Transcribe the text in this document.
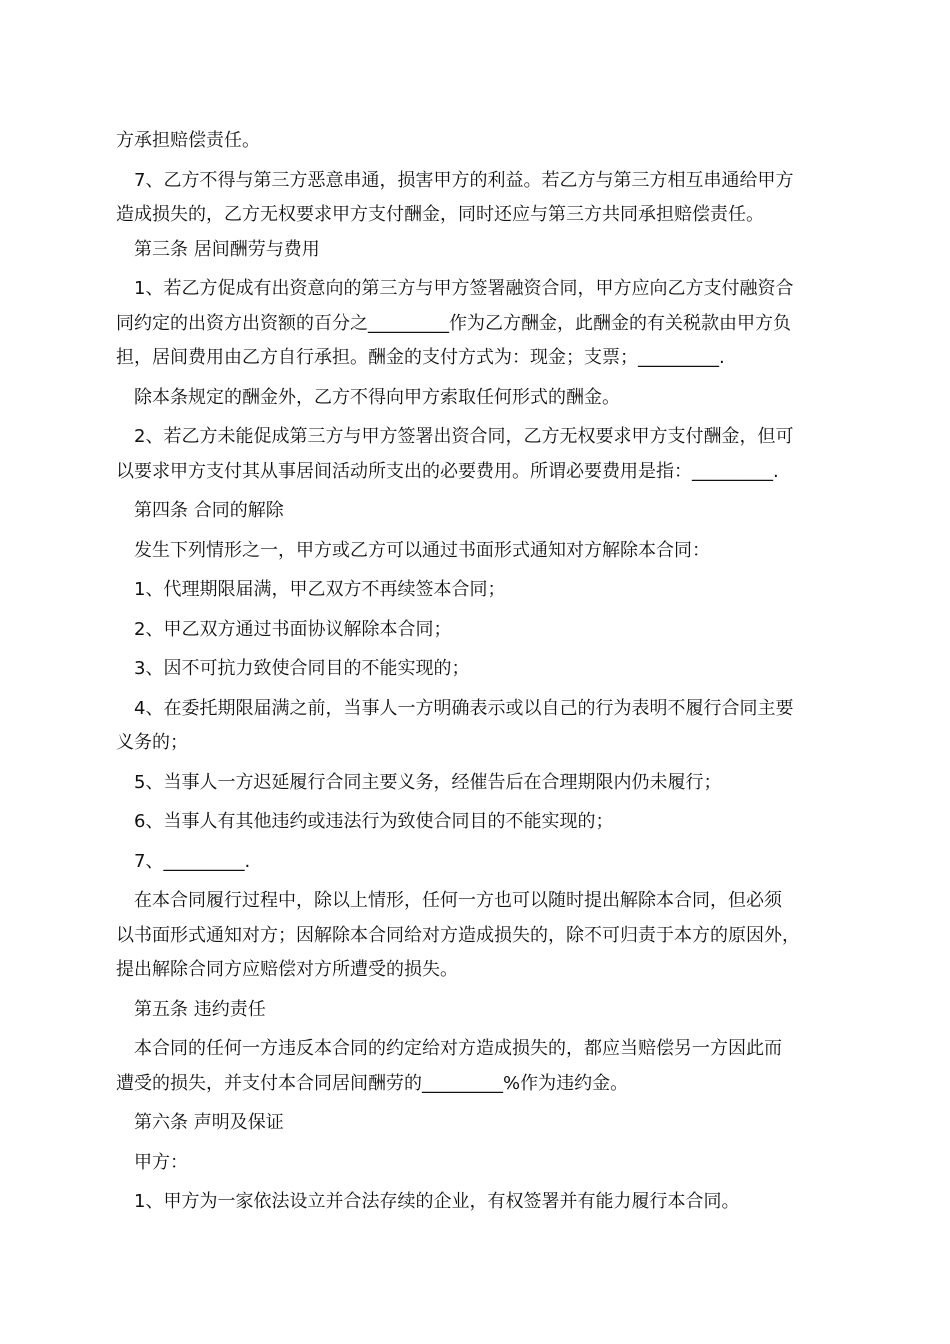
方承担赔偿责任。
7、乙方不得与第三方恶意串通，损害甲方的利益。若乙方与第三方相互串通给甲方
造成损失的，乙方无权要求甲方支付酬金，同时还应与第三方共同承担赔偿责任。
第三条 居间酬劳与费用
1、若乙方促成有出资意向的第三方与甲方签署融资合同，甲方应向乙方支付融资合
同约定的出资方出资额的百分之_________作为乙方酬金，此酬金的有关税款由甲方负
担，居间费用由乙方自行承担。酬金的支付方式为：现金；支票；_________.
除本条规定的酬金外，乙方不得向甲方索取任何形式的酬金。
2、若乙方未能促成第三方与甲方签署出资合同，乙方无权要求甲方支付酬金，但可
以要求甲方支付其从事居间活动所支出的必要费用。所谓必要费用是指：_________.
第四条 合同的解除
发生下列情形之一，甲方或乙方可以通过书面形式通知对方解除本合同：
1、代理期限届满，甲乙双方不再续签本合同；
2、甲乙双方通过书面协议解除本合同；
3、因不可抗力致使合同目的不能实现的；
4、在委托期限届满之前，当事人一方明确表示或以自己的行为表明不履行合同主要
义务的；
5、当事人一方迟延履行合同主要义务，经催告后在合理期限内仍未履行；
6、当事人有其他违约或违法行为致使合同目的不能实现的；
7、_________.
在本合同履行过程中，除以上情形，任何一方也可以随时提出解除本合同，但必须
以书面形式通知对方；因解除本合同给对方造成损失的，除不可归责于本方的原因外，
提出解除合同方应赔偿对方所遭受的损失。
第五条 违约责任
本合同的任何一方违反本合同的约定给对方造成损失的，都应当赔偿另一方因此而
遭受的损失，并支付本合同居间酬劳的_________%作为违约金。
第六条 声明及保证
甲方：
1、甲方为一家依法设立并合法存续的企业，有权签署并有能力履行本合同。
